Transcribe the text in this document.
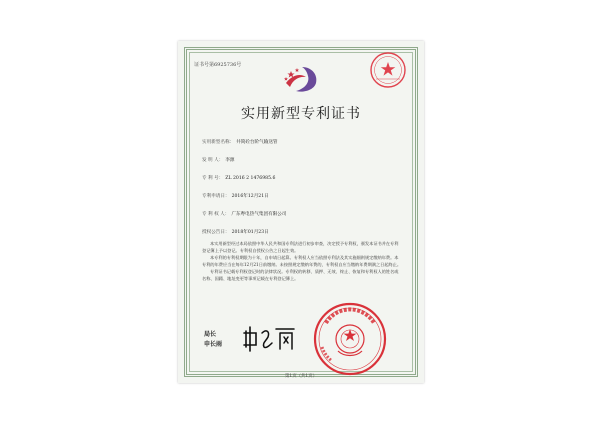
证书号第6925736号
实用新型专利证书
实用新型名称： 井筒砼台阶气输送管
发 明 人： 李源
专 利 号： ZL 2016 2 1476985.6
专利申请日： 2016年12月21日
专 利 权 人： 广东粤电热气集团有限公司
授权公告日： 2018年01月23日

本实用新型经过本局依照中华人民共和国专利法进行初步审查，决定授予专利权，颁发本证书并在专利登记簿上予以登记。专利权自授权公告之日起生效。

本专利的专利权期限为十年，自申请日起算。专利权人应当依照专利法及其实施细则规定缴纳年费。本专利的年费应当在每年12月21日前缴纳。未按照规定缴纳年费的，专利权自应当缴纳年费期满之日起终止。

专利证书记载专利权登记时的法律状况。专利权的转移、质押、无效、终止、恢复和专利权人的姓名或名称、国籍、地址变更等事项记载在专利登记簿上。

局长
申长雨
第1页（共1页）
